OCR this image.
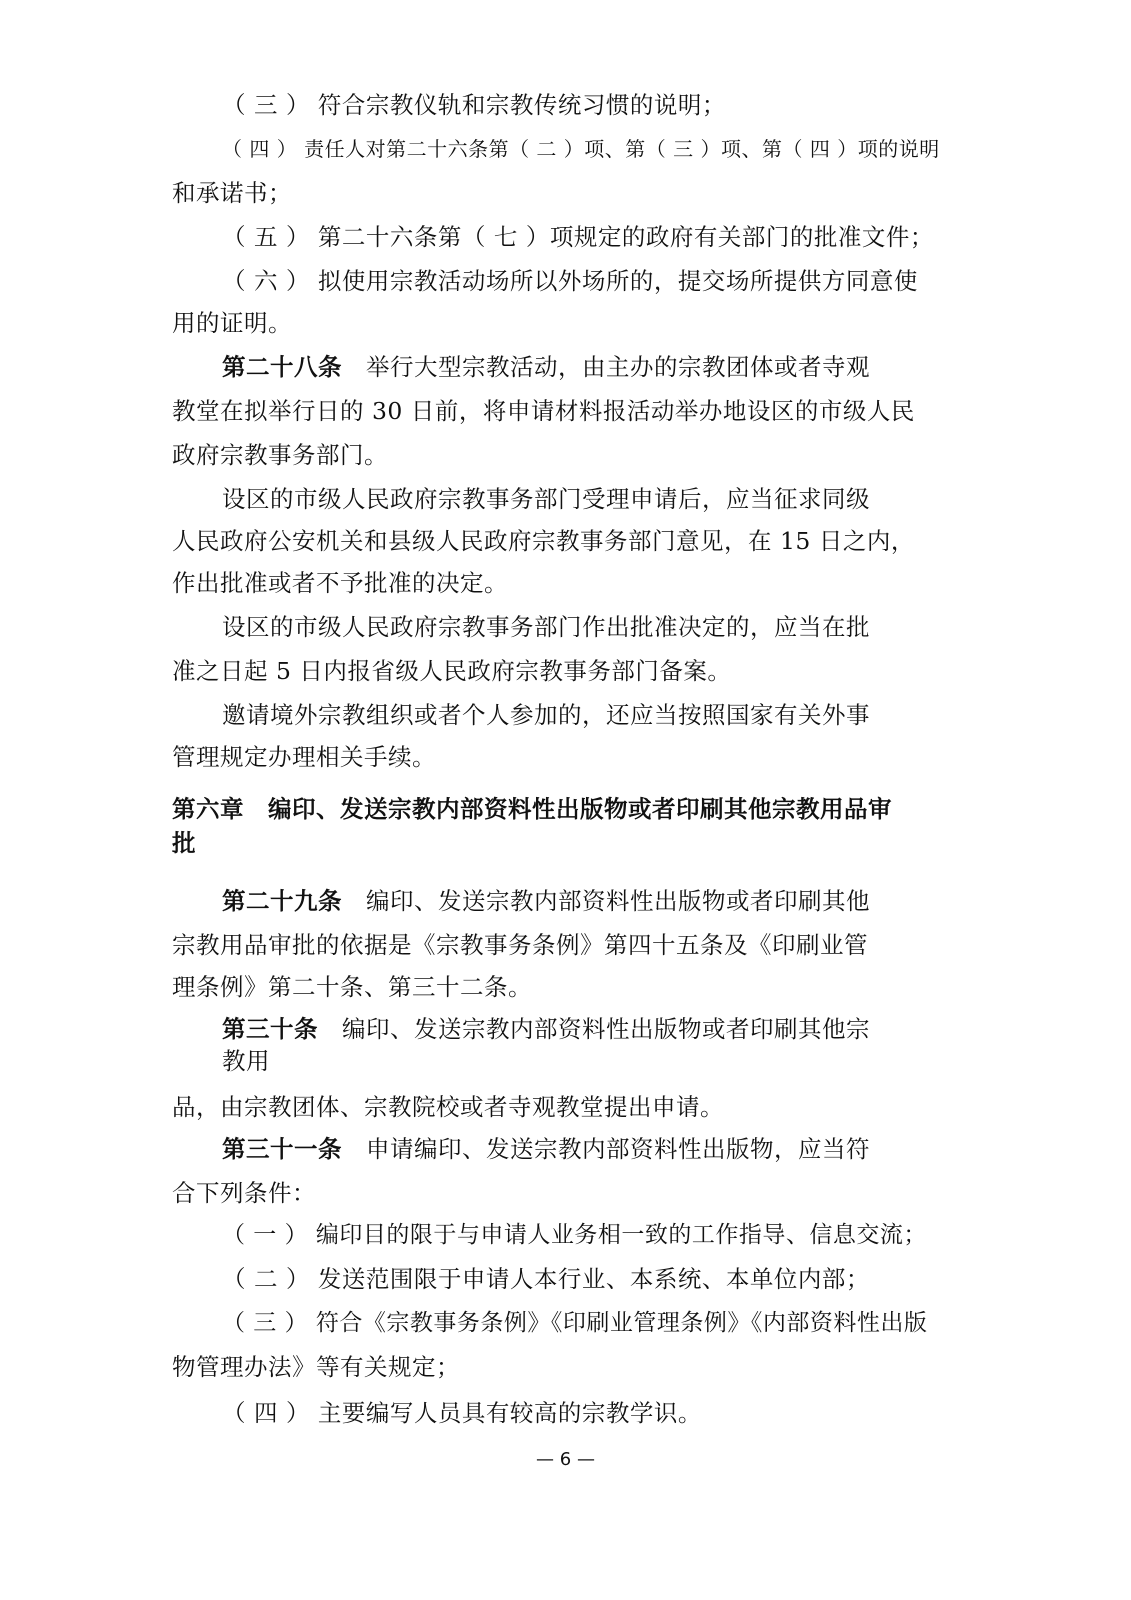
（ 三 ） 符合宗教仪轨和宗教传统习惯的说明；

（ 四 ） 责任人对第二十六条第（ 二 ）项、第（ 三 ）项、第（ 四 ）项的说明

和承诺书；

（ 五 ） 第二十六条第（ 七 ）项规定的政府有关部门的批准文件；

（ 六 ） 拟使用宗教活动场所以外场所的，提交场所提供方同意使

用的证明。

第二十八条　 举行大型宗教活动，由主办的宗教团体或者寺观

教堂在拟举行日的 30 日前，将申请材料报活动举办地设区的市级人民

政府宗教事务部门。

设区的市级人民政府宗教事务部门受理申请后，应当征求同级

人民政府公安机关和县级人民政府宗教事务部门意见，在 15 日之内，

作出批准或者不予批准的决定。

设区的市级人民政府宗教事务部门作出批准决定的，应当在批

准之日起 5 日内报省级人民政府宗教事务部门备案。

邀请境外宗教组织或者个人参加的，还应当按照国家有关外事

管理规定办理相关手续。

第六章　编印、发送宗教内部资料性出版物或者印刷其他宗教用品审

批

第二十九条　 编印、发送宗教内部资料性出版物或者印刷其他

宗教用品审批的依据是《宗教事务条例》第四十五条及《印刷业管

理条例》第二十条、第三十二条。

第三十条　 编印、发送宗教内部资料性出版物或者印刷其他宗

教用

品，由宗教团体、宗教院校或者寺观教堂提出申请。

第三十一条　 申请编印、发送宗教内部资料性出版物，应当符

合下列条件：

（ 一 ） 编印目的限于与申请人业务相一致的工作指导、信息交流；

（ 二 ） 发送范围限于申请人本行业、本系统、本单位内部；

（ 三 ） 符合《宗教事务条例》《印刷业管理条例》《内部资料性出版

物管理办法》等有关规定；

（ 四 ） 主要编写人员具有较高的宗教学识。

— 6 —
